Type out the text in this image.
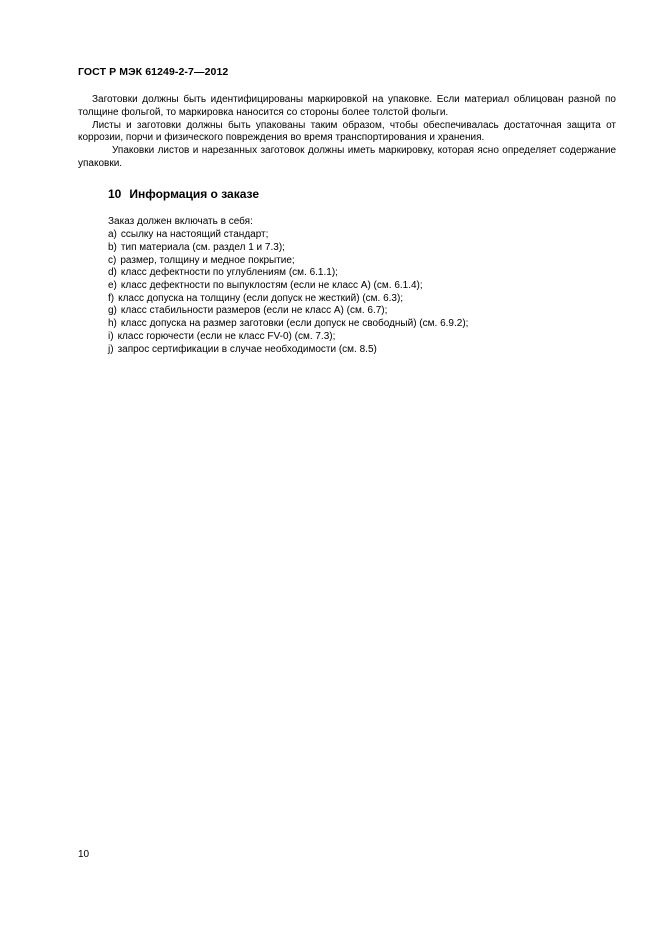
ГОСТ Р МЭК 61249-2-7—2012

Заготовки должны быть идентифицированы маркировкой на упаковке. Если материал облицован разной по толщине фольгой, то маркировка наносится со стороны более толстой фольги.

Листы и заготовки должны быть упакованы таким образом, чтобы обеспечивалась достаточная защита от коррозии, порчи и физического повреждения во время транспортирования и хранения.

Упаковки листов и нарезанных заготовок должны иметь маркировку, которая ясно определяет содержание упаковки.

10 Информация о заказе

Заказ должен включать в себя:

a) ссылку на настоящий стандарт;
b) тип материала (см. раздел 1 и 7.3);
c) размер, толщину и медное покрытие;
d) класс дефектности по углублениям (см. 6.1.1);
e) класс дефектности по выпуклостям (если не класс А) (см. 6.1.4);
f) класс допуска на толщину (если допуск не жесткий) (см. 6.3);
g) класс стабильности размеров (если не класс А) (см. 6.7);
h) класс допуска на размер заготовки (если допуск не свободный) (см. 6.9.2);
i) класс горючести (если не класс FV-0) (см. 7.3);
j) запрос сертификации в случае необходимости (см. 8.5)
10
